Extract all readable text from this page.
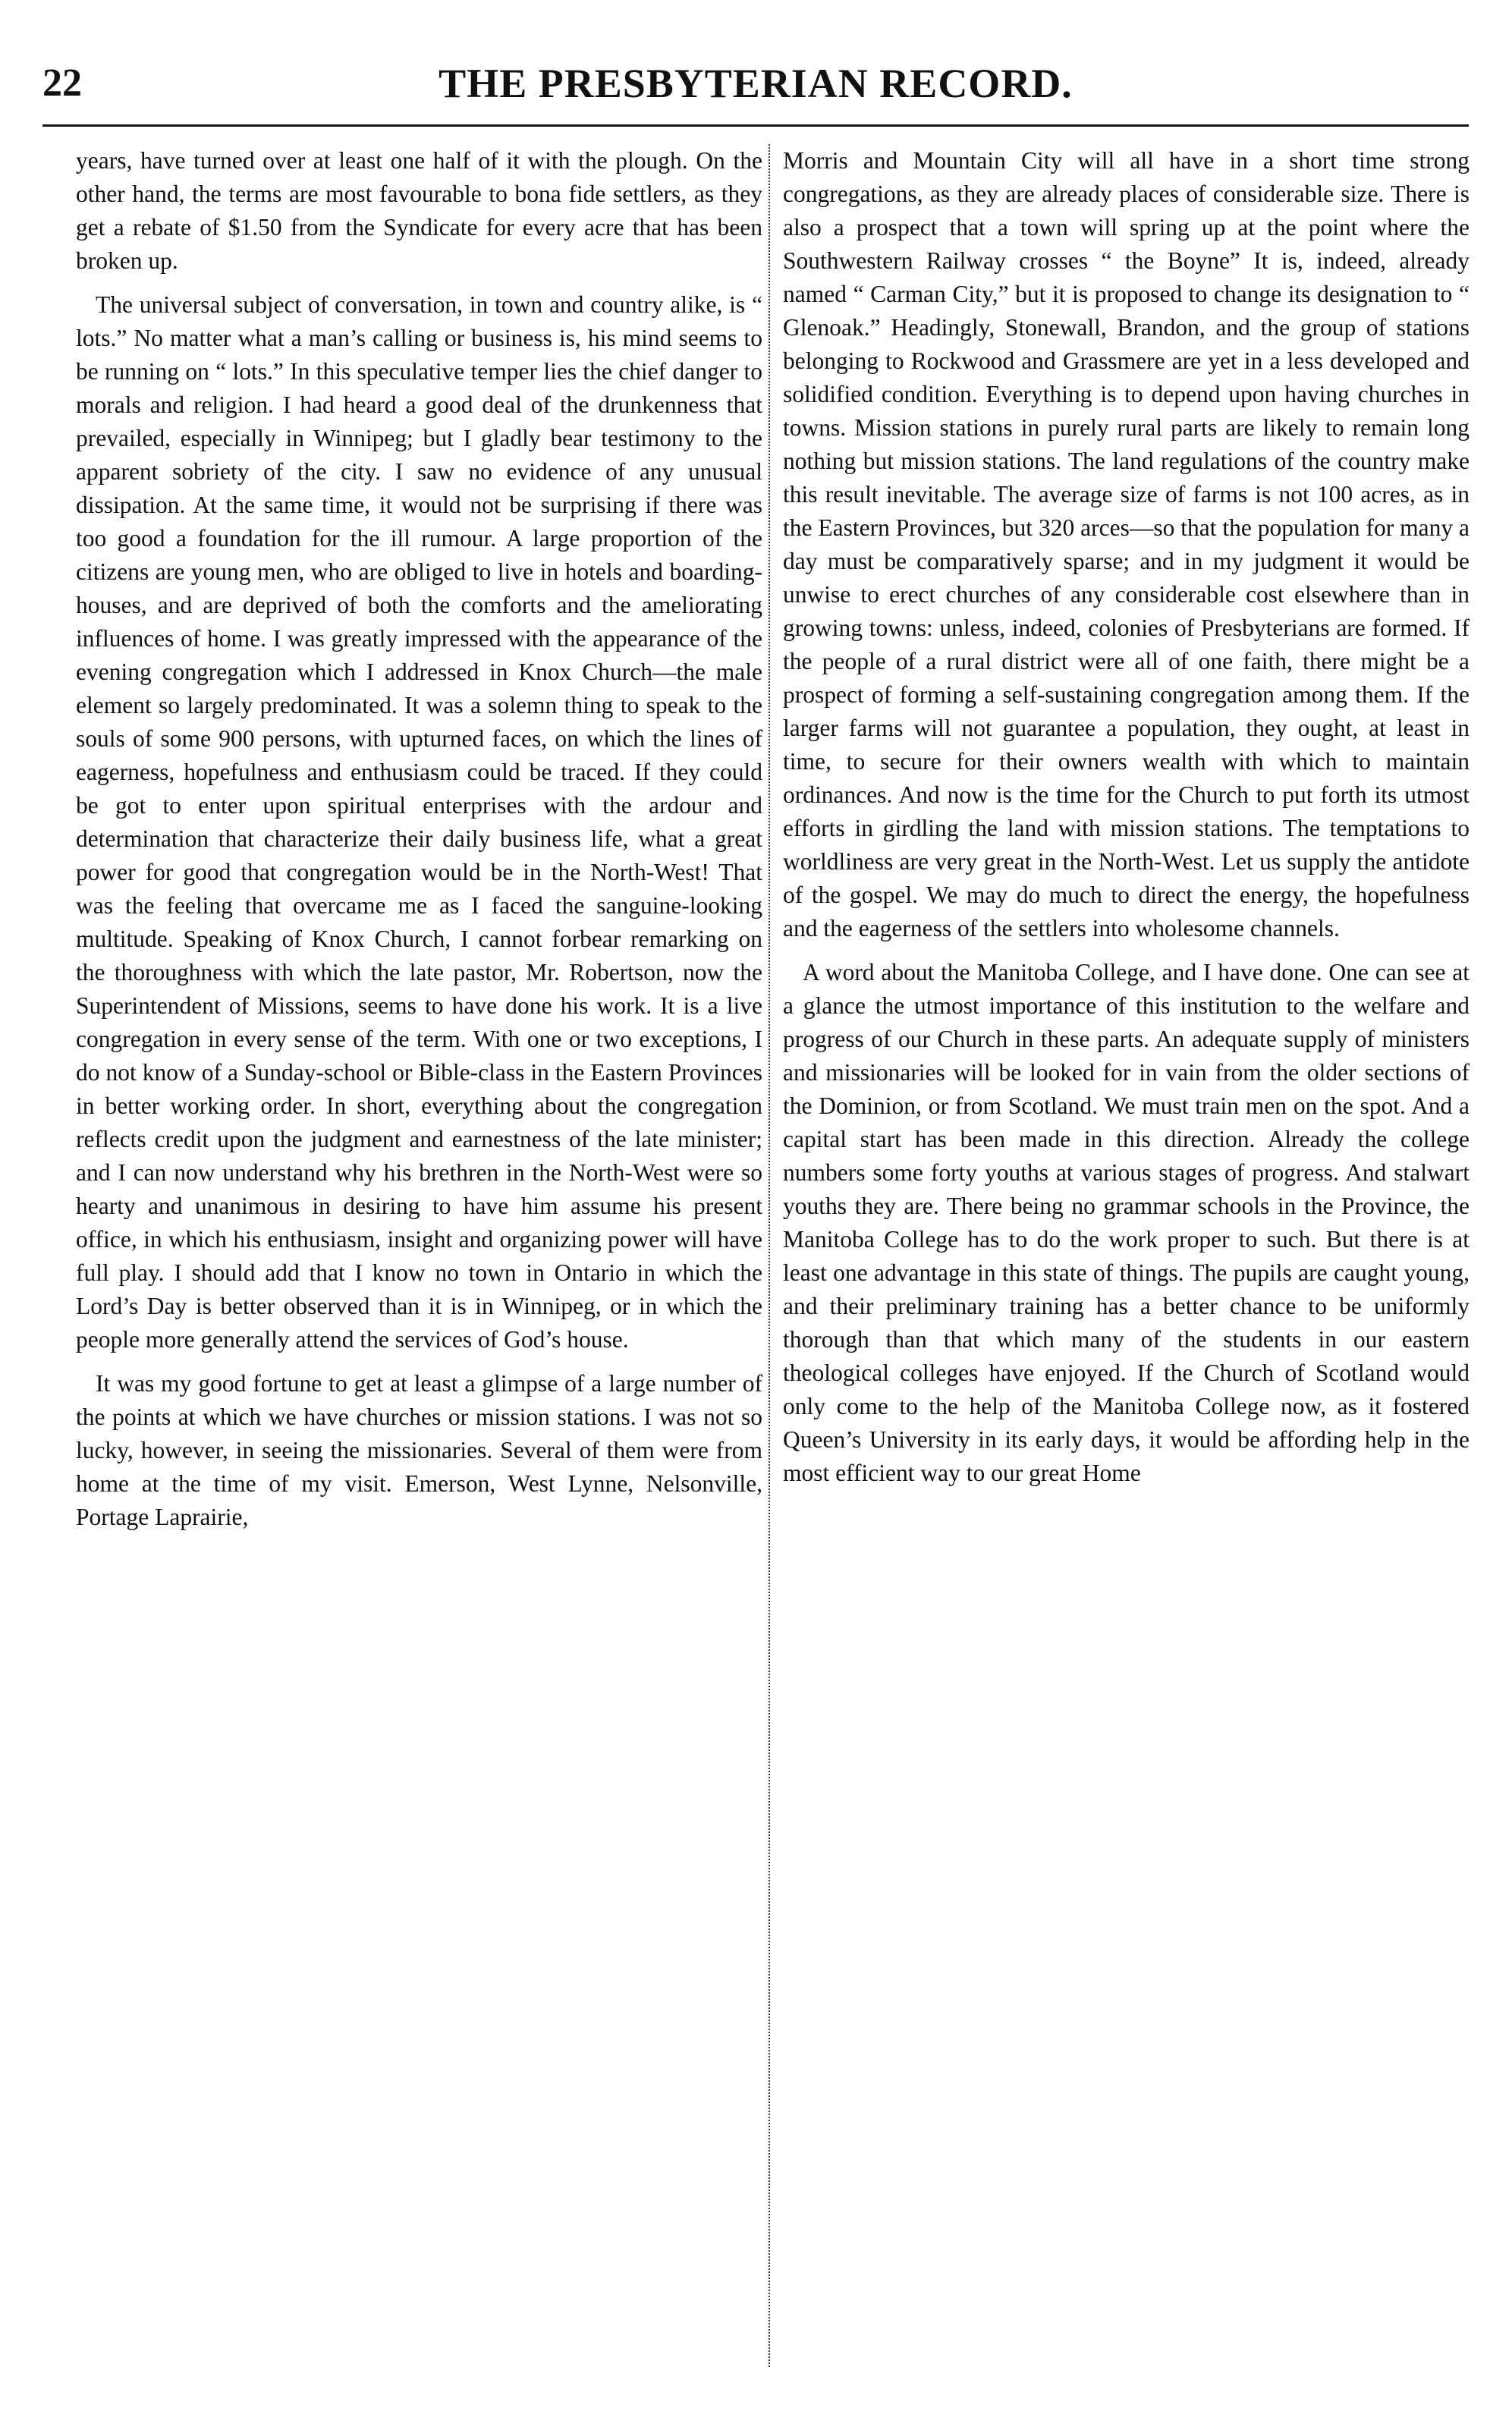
22	THE PRESBYTERIAN RECORD.

years, have turned over at least one half of it with the plough. On the other hand, the terms are most favourable to bona fide settlers, as they get a rebate of $1.50 from the Syndicate for every acre that has been broken up.

The universal subject of conversation, in town and country alike, is “ lots.” No matter what a man’s calling or business is, his mind seems to be running on “ lots.” In this speculative temper lies the chief danger to morals and religion. I had heard a good deal of the drunkenness that prevailed, especially in Winnipeg; but I gladly bear testimony to the apparent sobriety of the city. I saw no evidence of any unusual dissipation. At the same time, it would not be surprising if there was too good a foundation for the ill rumour. A large proportion of the citizens are young men, who are obliged to live in hotels and boarding-houses, and are deprived of both the comforts and the ameliorating influences of home. I was greatly impressed with the appearance of the evening congregation which I addressed in Knox Church—the male element so largely predominated. It was a solemn thing to speak to the souls of some 900 persons, with upturned faces, on which the lines of eagerness, hopefulness and enthusiasm could be traced. If they could be got to enter upon spiritual enterprises with the ardour and determination that characterize their daily business life, what a great power for good that congregation would be in the North-West! That was the feeling that overcame me as I faced the sanguine-looking multitude. Speaking of Knox Church, I cannot forbear remarking on the thoroughness with which the late pastor, Mr. Robertson, now the Superintendent of Missions, seems to have done his work. It is a live congregation in every sense of the term. With one or two exceptions, I do not know of a Sunday-school or Bible-class in the Eastern Provinces in better working order. In short, everything about the congregation reflects credit upon the judgment and earnestness of the late minister; and I can now understand why his brethren in the North-West were so hearty and unanimous in desiring to have him assume his present office, in which his enthusiasm, insight and organizing power will have full play. I should add that I know no town in Ontario in which the Lord’s Day is better observed than it is in Winnipeg, or in which the people more generally attend the services of God’s house.

It was my good fortune to get at least a glimpse of a large number of the points at which we have churches or mission stations. I was not so lucky, however, in seeing the missionaries. Several of them were from home at the time of my visit. Emerson, West Lynne, Nelsonville, Portage Laprairie,

Morris and Mountain City will all have in a short time strong congregations, as they are already places of considerable size. There is also a prospect that a town will spring up at the point where the Southwestern Railway crosses “ the Boyne” It is, indeed, already named “ Carman City,” but it is proposed to change its designation to “ Glenoak.” Headingly, Stonewall, Brandon, and the group of stations belonging to Rockwood and Grassmere are yet in a less developed and solidified condition. Everything is to depend upon having churches in towns. Mission stations in purely rural parts are likely to remain long nothing but mission stations. The land regulations of the country make this result inevitable. The average size of farms is not 100 acres, as in the Eastern Provinces, but 320 arces—so that the population for many a day must be comparatively sparse; and in my judgment it would be unwise to erect churches of any considerable cost elsewhere than in growing towns: unless, indeed, colonies of Presbyterians are formed. If the people of a rural district were all of one faith, there might be a prospect of forming a self-sustaining congregation among them. If the larger farms will not guarantee a population, they ought, at least in time, to secure for their owners wealth with which to maintain ordinances. And now is the time for the Church to put forth its utmost efforts in girdling the land with mission stations. The temptations to worldliness are very great in the North-West. Let us supply the antidote of the gospel. We may do much to direct the energy, the hopefulness and the eagerness of the settlers into wholesome channels.

A word about the Manitoba College, and I have done. One can see at a glance the utmost importance of this institution to the welfare and progress of our Church in these parts. An adequate supply of ministers and missionaries will be looked for in vain from the older sections of the Dominion, or from Scotland. We must train men on the spot. And a capital start has been made in this direction. Already the college numbers some forty youths at various stages of progress. And stalwart youths they are. There being no grammar schools in the Province, the Manitoba College has to do the work proper to such. But there is at least one advantage in this state of things. The pupils are caught young, and their preliminary training has a better chance to be uniformly thorough than that which many of the students in our eastern theological colleges have enjoyed. If the Church of Scotland would only come to the help of the Manitoba College now, as it fostered Queen’s University in its early days, it would be affording help in the most efficient way to our great Home
